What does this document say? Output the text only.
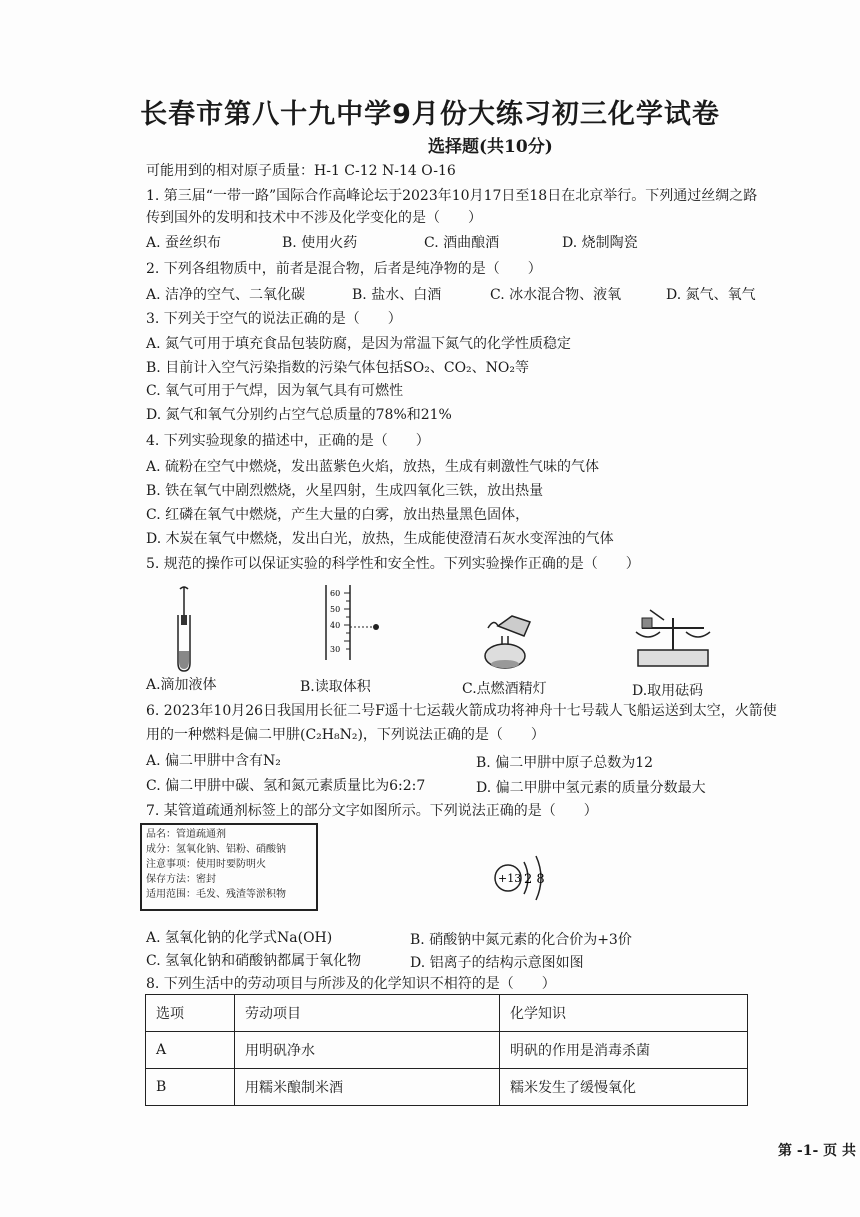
长春市第八十九中学9月份大练习初三化学试卷
选择题(共10分)
可能用到的相对原子质量：H-1 C-12 N-14 O-16
1. 第三届“一带一路”国际合作高峰论坛于2023年10月17日至18日在北京举行。下列通过丝绸之路
传到国外的发明和技术中不涉及化学变化的是（　　）
A. 蚕丝织布	B. 使用火药	C. 酒曲酿酒	D. 烧制陶瓷
2. 下列各组物质中，前者是混合物，后者是纯净物的是（　　）
A. 洁净的空气、二氧化碳	B. 盐水、白酒	C. 冰水混合物、液氧	D. 氮气、氧气
3. 下列关于空气的说法正确的是（　　）
A. 氮气可用于填充食品包装防腐，是因为常温下氮气的化学性质稳定
B. 目前计入空气污染指数的污染气体包括SO₂、CO₂、NO₂等
C. 氧气可用于气焊，因为氧气具有可燃性
D. 氮气和氧气分别约占空气总质量的78%和21%
4. 下列实验现象的描述中，正确的是（　　）
A. 硫粉在空气中燃烧，发出蓝紫色火焰，放热，生成有刺激性气味的气体
B. 铁在氧气中剧烈燃烧，火星四射，生成四氧化三铁，放出热量
C. 红磷在氧气中燃烧，产生大量的白雾，放出热量黑色固体，
D. 木炭在氧气中燃烧，发出白光，放热，生成能使澄清石灰水变浑浊的气体
5. 规范的操作可以保证实验的科学性和安全性。下列实验操作正确的是（　　）
60
50
40
30
A.滴加液体	B.读取体积	C.点燃酒精灯	D.取用砝码
6. 2023年10月26日我国用长征二号F遥十七运载火箭成功将神舟十七号载人飞船运送到太空，火箭使
用的一种燃料是偏二甲肼(C₂H₈N₂)，下列说法正确的是（　　）
A. 偏二甲肼中含有N₂	B. 偏二甲肼中原子总数为12
C. 偏二甲肼中碳、氢和氮元素质量比为6:2:7	D. 偏二甲肼中氢元素的质量分数最大
7. 某管道疏通剂标签上的部分文字如图所示。下列说法正确的是（　　）
品名：管道疏通剂
成分：氢氧化钠、铝粉、硝酸钠
注意事项：使用时要防明火
保存方法：密封
适用范围：毛发、残渣等淤积物
+13 2 8
A. 氢氧化钠的化学式Na(OH)	B. 硝酸钠中氮元素的化合价为+3价
C. 氢氧化钠和硝酸钠都属于氧化物	D. 铝离子的结构示意图如图
8. 下列生活中的劳动项目与所涉及的化学知识不相符的是（　　）
选项	劳动项目	化学知识
A	用明矾净水	明矾的作用是消毒杀菌
B	用糯米酿制米酒	糯米发生了缓慢氧化
第 -1- 页 共
